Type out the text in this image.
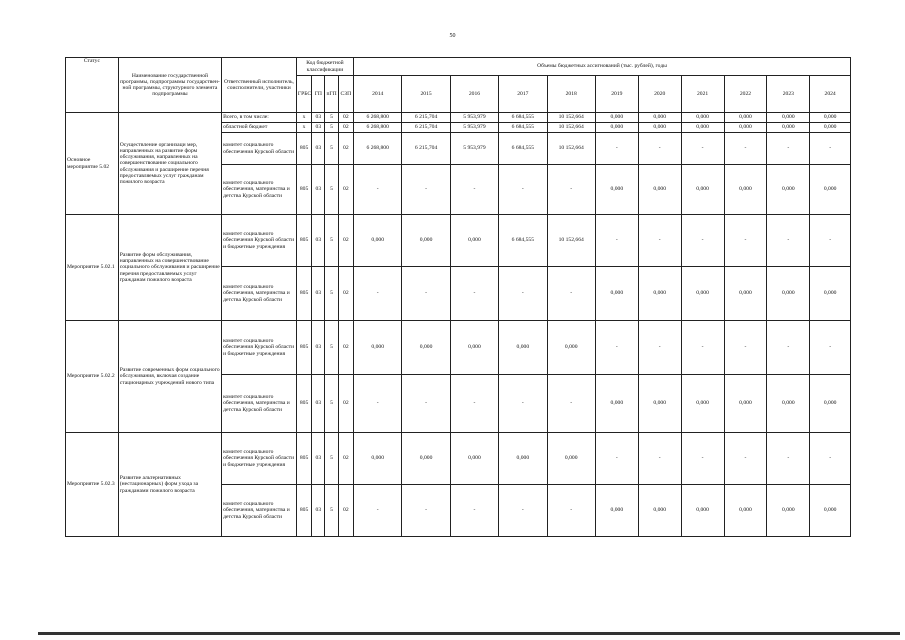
50
Статус	Наименование государственной программы, подпрограммы государствен-ной программы, структурного элемента подпрограммы	Ответственный исполнитель, соисполнители, участники	Код бюджетной классификации				Объемы бюджетных ассигнований (тыс. рублей), годы										
			ГРБС	ГП	пГП	СЗП	2014	2015	2016	2017	2018	2019	2020	2021	2022	2023	2024
Основное мероприятие 5.02	Осуществление организаци мер, направленных на развитие форм обслуживания, направленных на совершенствование социального обслуживания и расширение перечня предоставляемых услуг гражданам пожилого возраста	Всего, в том числе:	х	03	5	02	6 268,800	6 215,704	5 953,979	6 684,555	10 152,664	0,000	0,000	0,000	0,000	0,000	0,000
		областной бюджет	х	03	5	02	6 268,800	6 215,704	5 953,979	6 684,555	10 152,664	0,000	0,000	0,000	0,000	0,000	0,000
		комитет социального обеспечения Курской области	805	03	5	02	6 268,800	6 215,704	5 953,979	6 684,555	10 152,664	-	-	-	-	-	-
		комитет социального обеспечения, материнства и детства Курской области	805	03	5	02	-	-	-	-	-	0,000	0,000	0,000	0,000	0,000	0,000
Мероприятие 5.02.1	Развитие форм обслуживания, направленных на совершенствование социального обслуживания и расширение перечня предоставляемых услуг гражданам пожилого возраста	комитет социального обеспечения Курской области и бюджетные учреждения	805	03	5	02	0,000	0,000	0,000	6 684,555	10 152,664	-	-	-	-	-	-
		комитет социального обеспечения, материнства и детства Курской области	805	03	5	02	-	-	-	-	-	0,000	0,000	0,000	0,000	0,000	0,000
Мероприятие 5.02.2	Развитие современных форм социального обслуживания, включая создание стационарных учреждений нового типа	комитет социального обеспечения Курской области и бюджетные учреждения	805	03	5	02	0,000	0,000	0,000	0,000	0,000	-	-	-	-	-	-
		комитет социального обеспечения, материнства и детства Курской области	805	03	5	02	-	-	-	-	-	0,000	0,000	0,000	0,000	0,000	0,000
Мероприятие 5.02.3	Развитие альтернативных (нестационарных) форм ухода за гражданами пожилого возраста	комитет социального обеспечения Курской области и бюджетные учреждения	805	03	5	02	0,000	0,000	0,000	0,000	0,000	-	-	-	-	-	-
		комитет социального обеспечения, материнства и детства Курской области	805	03	5	02	-	-	-	-	-	0,000	0,000	0,000	0,000	0,000	0,000
